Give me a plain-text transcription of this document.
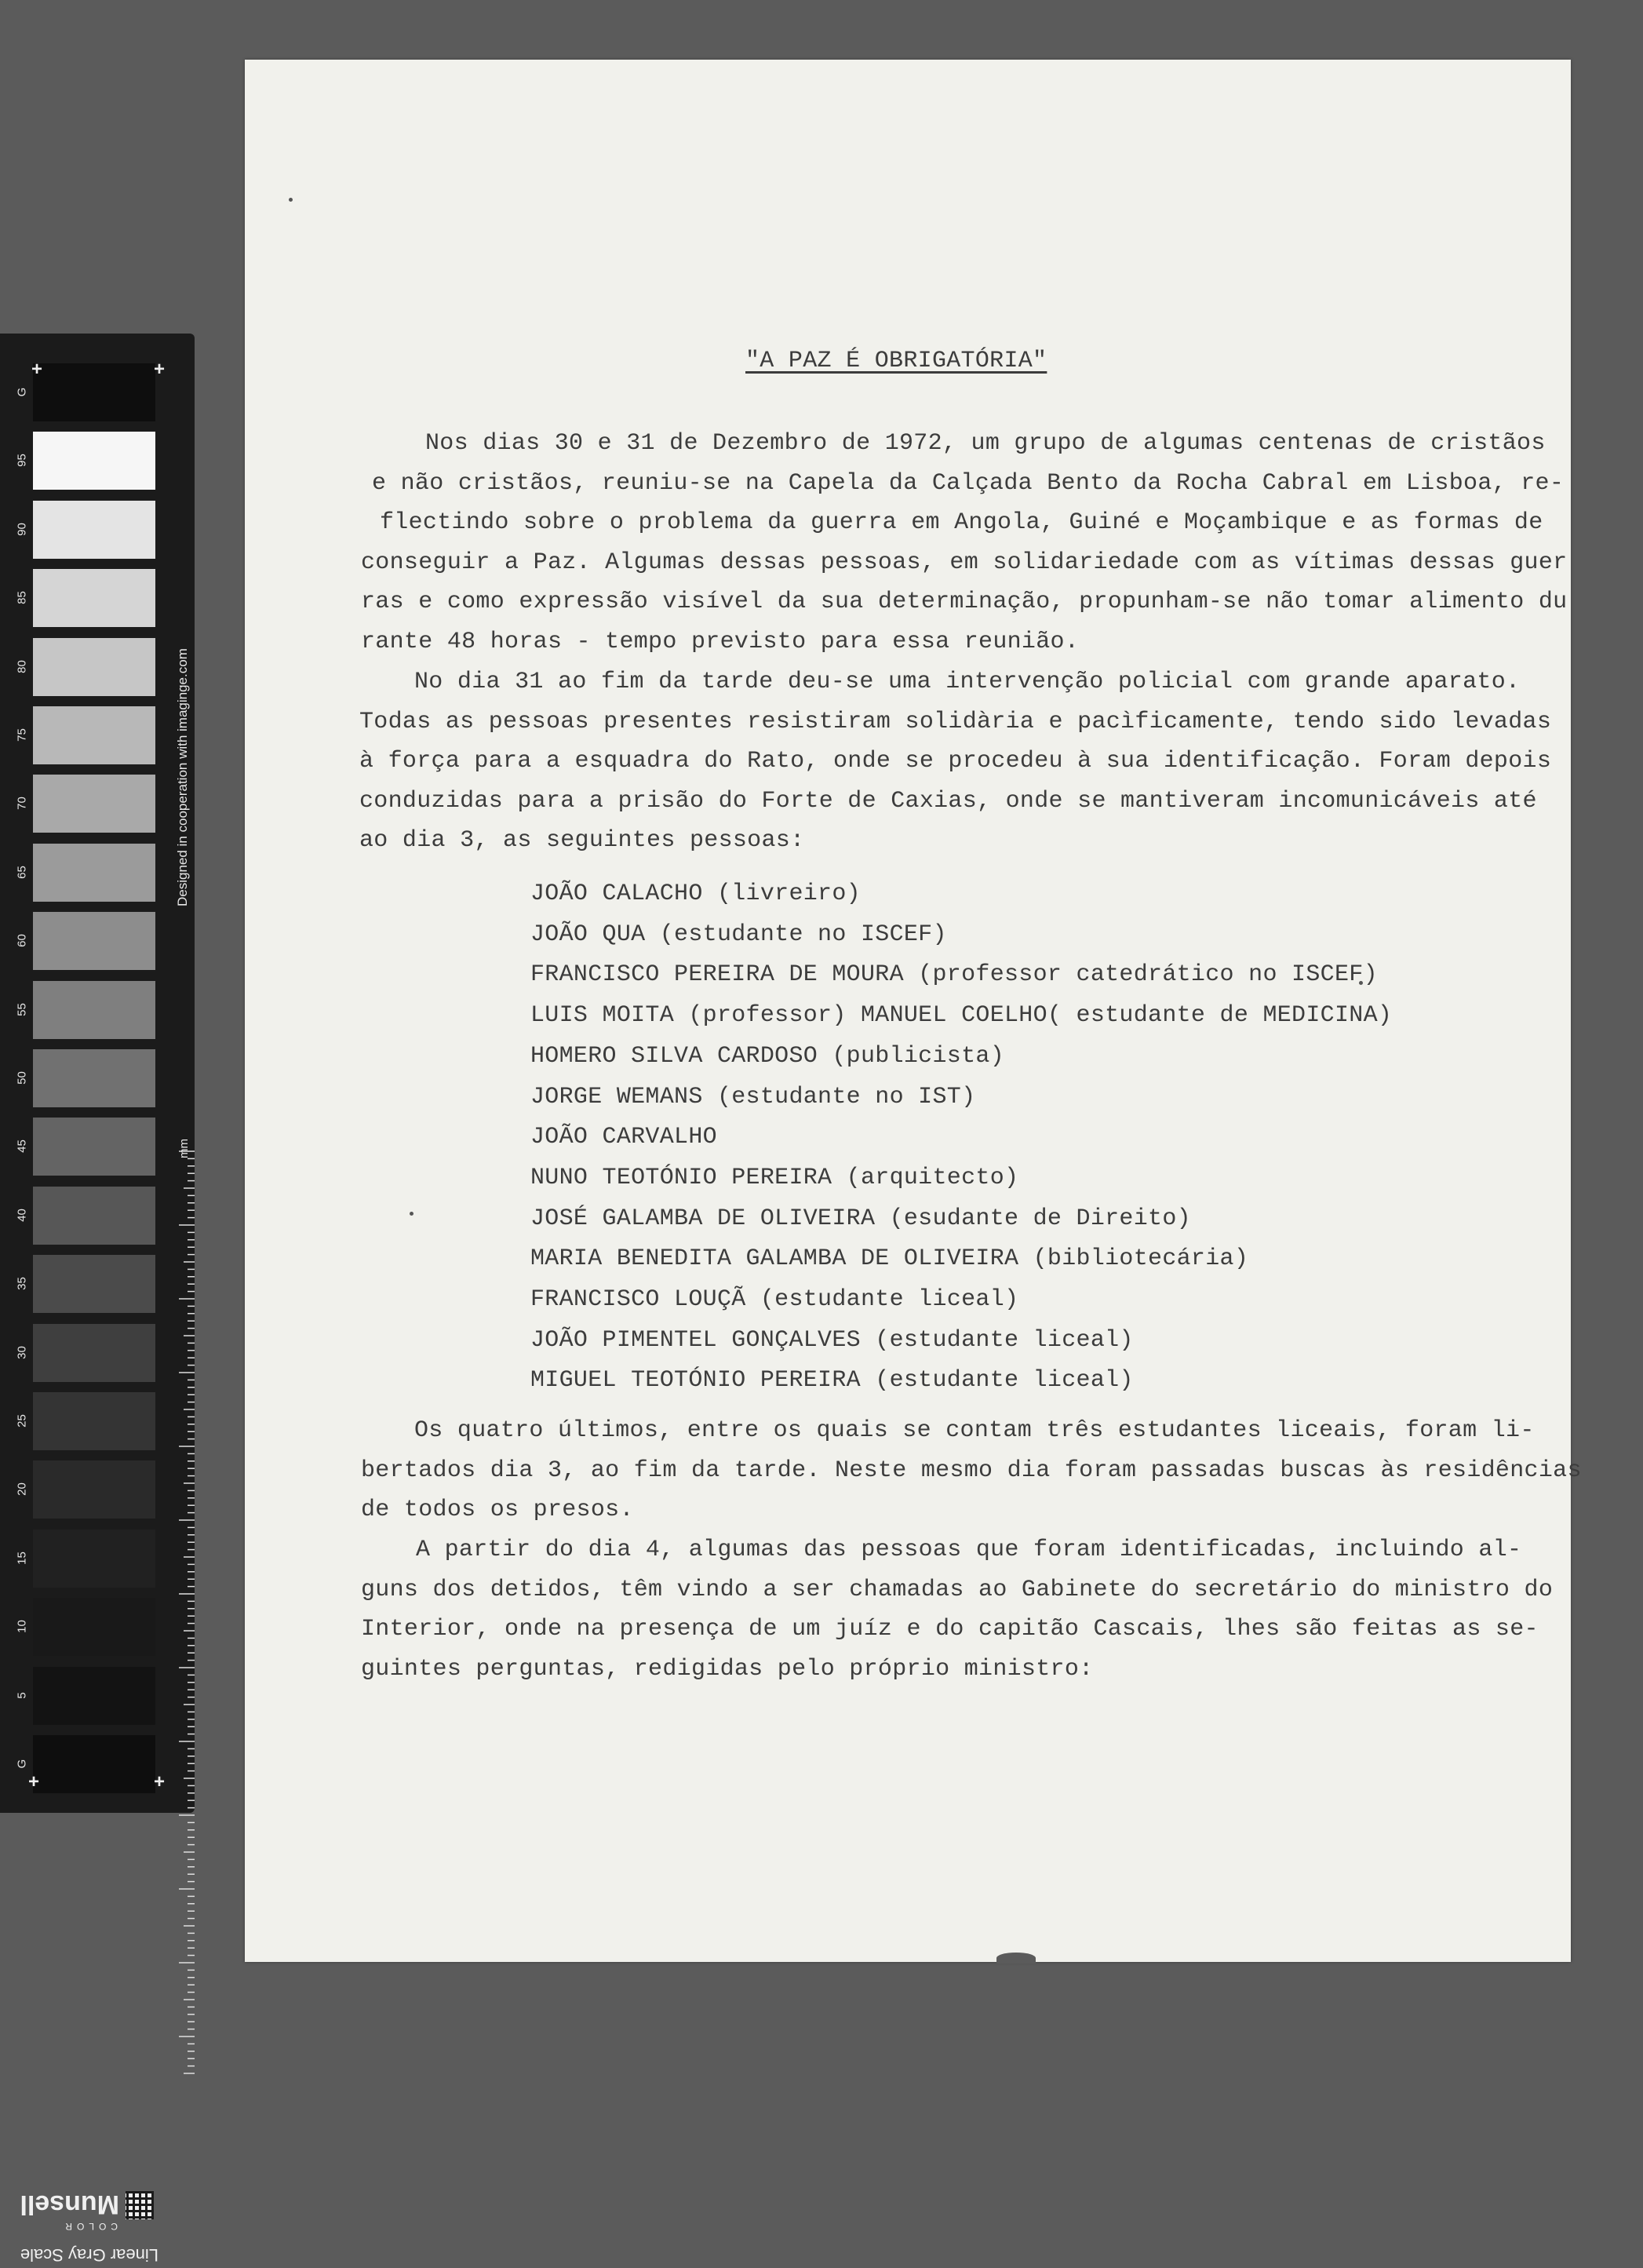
G
95
90
85
80
75
70
65
60
55
50
45
40
35
30
25
20
15
10
5
G
+	+
+	+
Designed in cooperation with imaginge.com
mm
Linear Gray Scale
COLOR
Munsell
"A PAZ É OBRIGATÓRIA"
Nos dias 30 e 31 de Dezembro de 1972, um grupo de algumas centenas de cristãos
e não cristãos, reuniu-se na Capela da Calçada Bento da Rocha Cabral em Lisboa, re-
flectindo sobre o problema da guerra em Angola, Guiné e Moçambique e as formas de
conseguir a Paz. Algumas dessas pessoas, em solidariedade com as vítimas dessas guer
ras e como expressão visível da sua determinação, propunham-se não tomar alimento du
rante 48 horas - tempo previsto para essa reunião.
No dia 31 ao fim da tarde deu-se uma intervenção policial com grande aparato.
Todas as pessoas presentes resistiram solidària e pacìficamente, tendo sido levadas
à força para a esquadra do Rato, onde se procedeu à sua identificação. Foram depois
conduzidas para a prisão do Forte de Caxias, onde se mantiveram incomunicáveis até
ao dia 3, as seguintes pessoas:
JOÃO CALACHO (livreiro)
JOÃO QUA (estudante no ISCEF)
FRANCISCO PEREIRA DE MOURA (professor catedrático no ISCEF)
LUIS MOITA (professor) MANUEL COELHO( estudante de MEDICINA)
HOMERO SILVA CARDOSO (publicista)
JORGE WEMANS (estudante no IST)
JOÃO CARVALHO
NUNO TEOTÓNIO PEREIRA (arquitecto)
JOSÉ GALAMBA DE OLIVEIRA (esudante de Direito)
MARIA BENEDITA GALAMBA DE OLIVEIRA (bibliotecária)
FRANCISCO LOUÇÃ (estudante liceal)
JOÃO PIMENTEL GONÇALVES (estudante liceal)
MIGUEL TEOTÓNIO PEREIRA (estudante liceal)
Os quatro últimos, entre os quais se contam três estudantes liceais, foram li-
bertados dia 3, ao fim da tarde. Neste mesmo dia foram passadas buscas às residências
de todos os presos.
A partir do dia 4, algumas das pessoas que foram identificadas, incluindo al-
guns dos detidos, têm vindo a ser chamadas ao Gabinete do secretário do ministro do
Interior, onde na presença de um juíz e do capitão Cascais, lhes são feitas as se-
guintes perguntas, redigidas pelo próprio ministro:
